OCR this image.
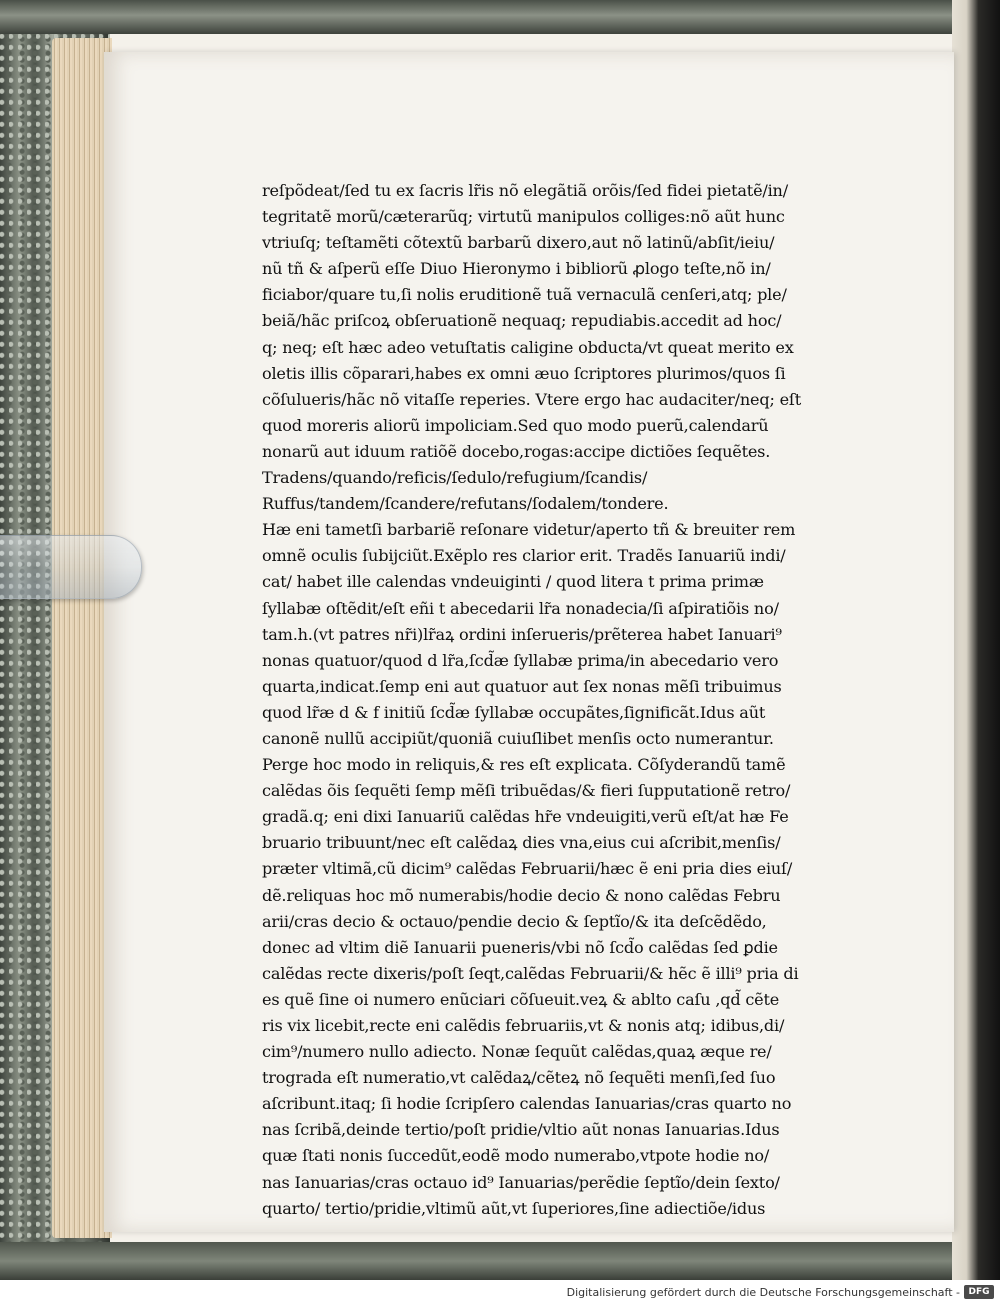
reſpõdeat/ſed tu ex ſacris lr̃is nõ elegãtiã orõis/ſed fidei pietatẽ/in/
tegritatẽ morũ/cæterarũq; virtutũ manipulos colliges:nõ aũt hunc
vtriuſq; teſtamẽti cõtextũ barbarũ dixero,aut nõ latinũ/abſit/ieiu/
nũ tñ & aſperũ eſſe Diuo Hieronymo i bibliorũ ꝓlogo teſte,nõ in/
ficiabor/quare tu,ſi nolis eruditionẽ tuã vernaculã cenſeri,atq; ple/
beiã/hãc priſcoꝝ obſeruationẽ nequaq; repudiabis.accedit ad hoc/
q; neq; eſt hæc adeo vetuſtatis caligine obducta/vt queat merito ex
oletis illis cõparari,habes ex omni æuo ſcriptores plurimos/quos ſi
cõſulueris/hãc nõ vitaſſe reperies. Vtere ergo hac audaciter/neq; eſt
quod moreris aliorũ impoliciam.Sed quo modo puerũ,calendarũ
nonarũ aut iduum ratiõẽ docebo,rogas:accipe dictiões ſequẽtes.
Tradens/quando/reficis/ſedulo/refugium/ſcandis/
Ruffus/tandem/ſcandere/refutans/ſodalem/tondere.
Hæ eni tametſi barbariẽ reſonare videtur/aperto tñ & breuiter rem
omnẽ oculis ſubijciũt.Exẽplo res clarior erit. Tradẽs Ianuariũ indi/
cat/ habet ille calendas vndeuiginti / quod litera t prima primæ
ſyllabæ oſtẽdit/eſt eñi t abecedarii lr̃a nonadecia/ſi aſpiratiõis no/
tam.h.(vt patres nr̃i)lr̃aꝝ ordini inſerueris/prẽterea habet Ianuari⁹
nonas quatuor/quod d lr̃a,ſcd̃æ ſyllabæ prima/in abecedario vero
quarta,indicat.ſemp eni aut quatuor aut ſex nonas mẽſi tribuimus
quod lr̃æ d & f initiũ ſcd̃æ ſyllabæ occupãtes,ſignificãt.Idus aũt
canonẽ nullũ accipiũt/quoniã cuiuſlibet menſis octo numerantur.
Perge hoc modo in reliquis,& res eſt explicata. Cõſyderandũ tamẽ
calẽdas õis ſequẽti ſemp mẽſi tribuẽdas/& fieri ſupputationẽ retro/
gradã.q; eni dixi Ianuariũ calẽdas hr̃e vndeuigiti,verũ eſt/at hæ Fe
bruario tribuunt/nec eſt calẽdaꝝ dies vna,eius cui aſcribit,menſis/
præter vltimã,cũ dicim⁹ calẽdas Februarii/hæc ẽ eni pria dies eiuſ/
dẽ.reliquas hoc mõ numerabis/hodie decio & nono calẽdas Febru
arii/cras decio & octauo/pendie decio & ſeptĩo/& ita deſcẽdẽdo,
donec ad vltim diẽ Ianuarii pueneris/vbi nõ ſcd̃o calẽdas ſed ꝑdie
calẽdas recte dixeris/poſt ſeqt,calẽdas Februarii/& hẽc ẽ illi⁹ pria di
es quẽ ſine oi numero enũciari cõſueuit.veꝝ & ablto caſu ,qd̃ cẽte
ris vix licebit,recte eni calẽdis februariis,vt & nonis atq; idibus,di/
cim⁹/numero nullo adiecto. Nonæ ſequũt calẽdas,quaꝝ æque re/
trograda eſt numeratio,vt calẽdaꝝ/cẽteꝝ nõ ſequẽti menſi,ſed ſuo
aſcribunt.itaq; ſi hodie ſcripſero calendas Ianuarias/cras quarto no
nas ſcribã,deinde tertio/poſt pridie/vltio aũt nonas Ianuarias.Idus
quæ ſtati nonis ſuccedũt,eodẽ modo numerabo,vtpote hodie no/
nas Ianuarias/cras octauo id⁹ Ianuarias/perẽdie ſeptĩo/dein ſexto/
quarto/ tertio/pridie,vltimũ aũt,vt ſuperiores,ſine adiectiõe/idus
Digitalisierung gefördert durch die Deutsche Forschungsgemeinschaft - DFG
